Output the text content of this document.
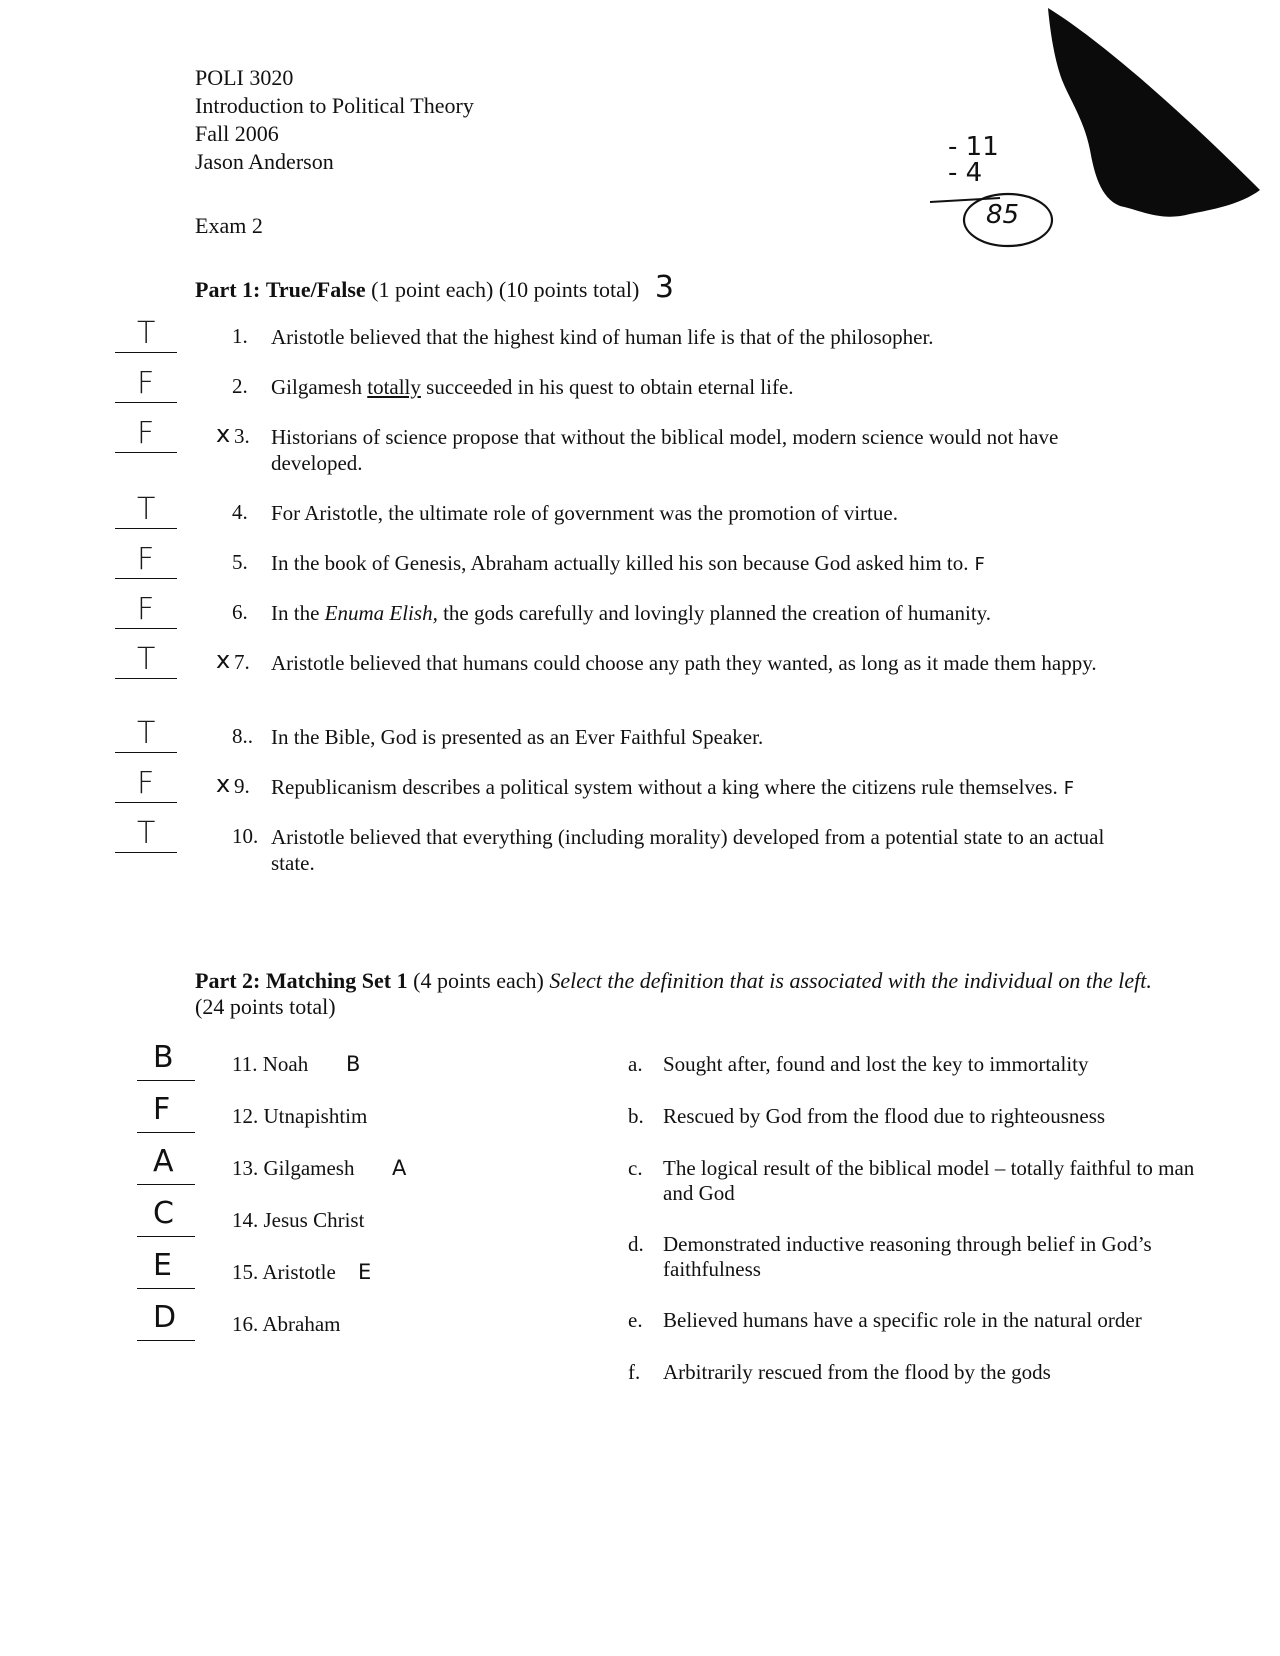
POLI 3020
Introduction to Political Theory
Fall 2006
Jason Anderson
Exam 2
- 11
- 4
85
Part 1: True/False (1 point each) (10 points total) 3
T	1. Aristotle believed that the highest kind of human life is that of the philosopher.
F	2. Gilgamesh totally succeeded in his quest to obtain eternal life.
F	x 3. Historians of science propose that without the biblical model, modern science would not have developed.
T	4. For Aristotle, the ultimate role of government was the promotion of virtue.
F	5. In the book of Genesis, Abraham actually killed his son because God asked him to. F
F	6. In the Enuma Elish, the gods carefully and lovingly planned the creation of humanity.
T	x 7. Aristotle believed that humans could choose any path they wanted, as long as it made them happy.
T	8.. In the Bible, God is presented as an Ever Faithful Speaker.
F	x 9. Republicanism describes a political system without a king where the citizens rule themselves. F
T	10. Aristotle believed that everything (including morality) developed from a potential state to an actual state.
Part 2: Matching Set 1 (4 points each) Select the definition that is associated with the individual on the left. (24 points total)
B	11. Noah B
F	12. Utnapishtim
A	13. Gilgamesh A
C	14. Jesus Christ
E	15. Aristotle E
D	16. Abraham
a. Sought after, found and lost the key to immortality
b. Rescued by God from the flood due to righteousness
c. The logical result of the biblical model – totally faithful to man and God
d. Demonstrated inductive reasoning through belief in God’s faithfulness
e. Believed humans have a specific role in the natural order
f. Arbitrarily rescued from the flood by the gods
